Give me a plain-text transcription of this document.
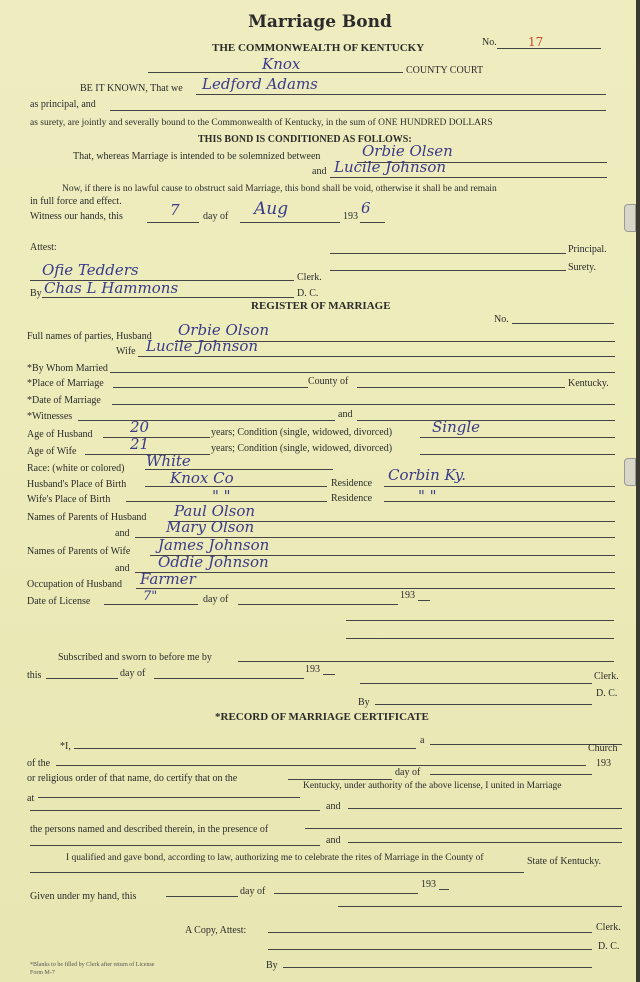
Marriage Bond
THE COMMONWEALTH OF KENTUCKY	No.	17
Knox	COUNTY COURT
BE IT KNOWN, That we Ledford Adams
as principal, and
as surety, are jointly and severally bound to the Commonwealth of Kentucky, in the sum of ONE HUNDRED DOLLARS
THIS BOND IS CONDITIONED AS FOLLOWS:
That, whereas Marriage is intended to be solemnized between	Orbie Olsen
and Lucile Johnson
Now, if there is no lawful cause to obstruct said Marriage, this bond shall be void, otherwise it shall be and remain
in full force and effect.
Witness our hands, this	7 day of Aug	193 6
Attest:	Principal.
Surety.
Ofie Tedders	Clerk.
By Chas L Hammons	D. C.
REGISTER OF MARRIAGE
No.
Full names of parties, Husband Orbie Olson
Wife Lucile Johnson
*By Whom Married
*Place of Marriage	County of	Kentucky.
*Date of Marriage
*Witnesses	and
Age of Husband 20	years; Condition (single, widowed, divorced)	Single
Age of Wife	21	years; Condition (single, widowed, divorced)
Race: (white or colored) White
Husband's Place of Birth	Knox Co	Residence Corbin Ky.
Wife's Place of Birth	" "	Residence	" "
Names of Parents of Husband Paul Olson
and Mary Olson
Names of Parents of Wife James Johnson
and Oddie Johnson
Occupation of Husband Farmer
Date of License	7"	day of	193
Subscribed and sworn to before me by
this	day of	193
Clerk.
By
D. C.
*RECORD OF MARRIAGE CERTIFICATE
*I,
a
of the
Church
or religious order of that name, do certify that on the
day of
193
at
Kentucky, under authority of the above license, I united in Marriage
and
the persons named and described therein, in the presence of
and
I qualified and gave bond, according to law, authorizing me to celebrate the rites of Marriage in the County of	State of Kentucky.
Given under my hand, this	day of
193
A Copy, Attest:	Clerk.
D. C.
By
*Blanks to be filled by Clerk after return of License
Form M-7
